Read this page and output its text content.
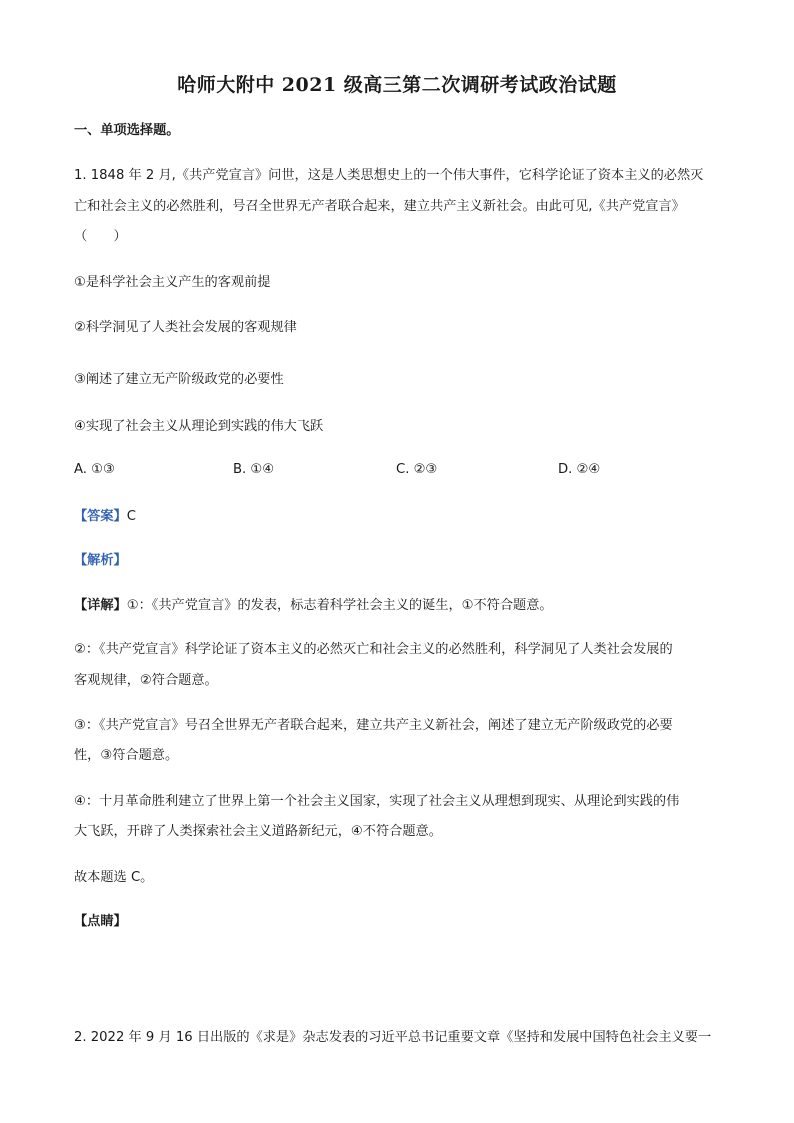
哈师大附中 2021 级高三第二次调研考试政治试题
一、单项选择题。
1. 1848 年 2 月,《共产党宣言》问世，这是人类思想史上的一个伟大事件，它科学论证了资本主义的必然灭
亡和社会主义的必然胜利，号召全世界无产者联合起来，建立共产主义新社会。由此可见,《共产党宣言》
（　　）
①是科学社会主义产生的客观前提
②科学洞见了人类社会发展的客观规律
③阐述了建立无产阶级政党的必要性
④实现了社会主义从理论到实践的伟大飞跃
A. ①③	B. ①④	C. ②③	D. ②④
【答案】C
【解析】
【详解】①：《共产党宣言》的发表，标志着科学社会主义的诞生，①不符合题意。
②：《共产党宣言》科学论证了资本主义的必然灭亡和社会主义的必然胜利，科学洞见了人类社会发展的
客观规律，②符合题意。
③：《共产党宣言》号召全世界无产者联合起来，建立共产主义新社会，阐述了建立无产阶级政党的必要
性，③符合题意。
④：十月革命胜利建立了世界上第一个社会主义国家，实现了社会主义从理想到现实、从理论到实践的伟
大飞跃，开辟了人类探索社会主义道路新纪元，④不符合题意。
故本题选 C。
【点睛】
2. 2022 年 9 月 16 日出版的《求是》杂志发表的习近平总书记重要文章《坚持和发展中国特色社会主义要一
